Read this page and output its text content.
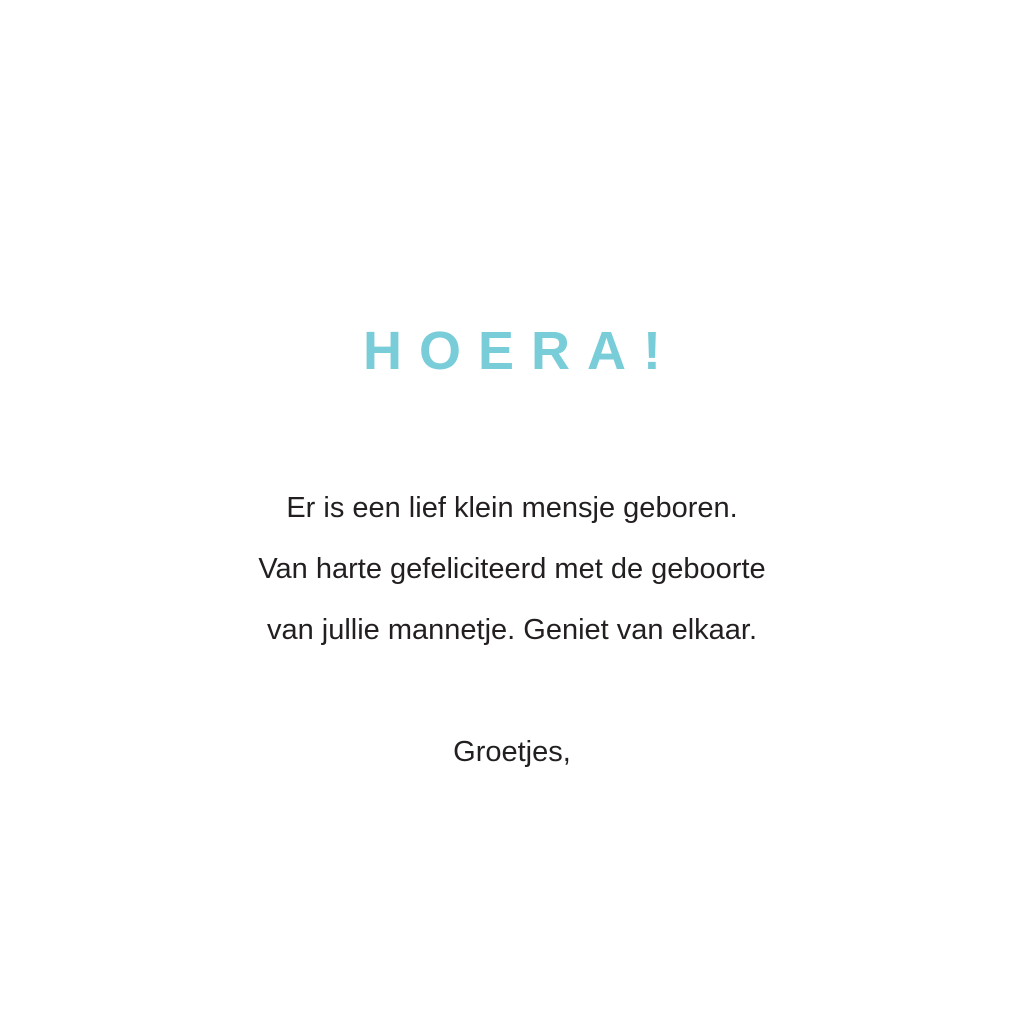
HOERA!
Er is een lief klein mensje geboren.
Van harte gefeliciteerd met de geboorte
van jullie mannetje. Geniet van elkaar.
Groetjes,
